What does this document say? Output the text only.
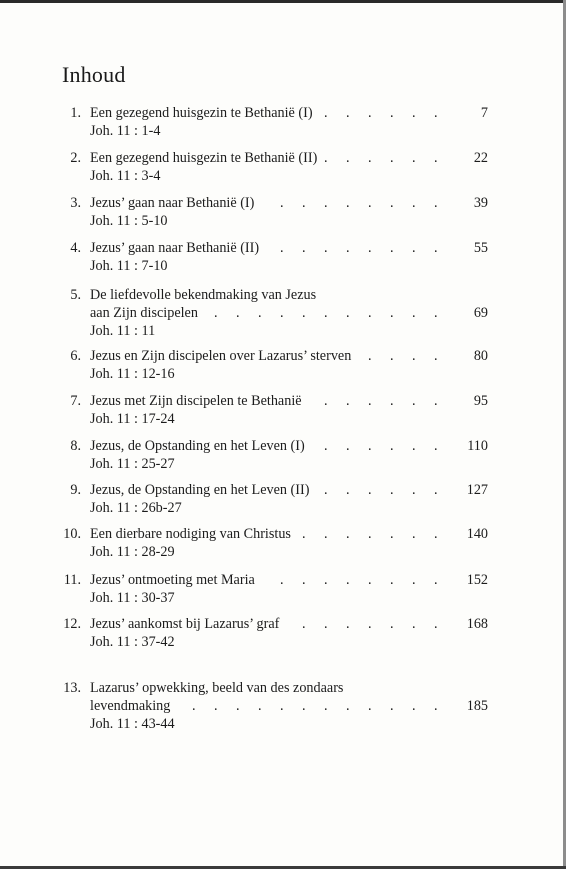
Inhoud
1. Een gezegend huisgezin te Bethanië (I)	7
Joh. 11 : 1-4
. . . . . .
2. Een gezegend huisgezin te Bethanië (II)	22
Joh. 11 : 3-4
. . . . . .
3. Jezus’ gaan naar Bethanië (I)	39
Joh. 11 : 5-10
. . . . . . . .
4. Jezus’ gaan naar Bethanië (II)	55
Joh. 11 : 7-10
. . . . . . . .
5. De liefdevolle bekendmaking van Jezus
aan Zijn discipelen	69
Joh. 11 : 11
. . . . . . . . . . .
6. Jezus en Zijn discipelen over Lazarus’ sterven	80
Joh. 11 : 12-16
. . . .
7. Jezus met Zijn discipelen te Bethanië	95
Joh. 11 : 17-24
. . . . . .
8. Jezus, de Opstanding en het Leven (I)	110
Joh. 11 : 25-27
. . . . . .
9. Jezus, de Opstanding en het Leven (II)	127
Joh. 11 : 26b-27
. . . . . .
10. Een dierbare nodiging van Christus	140
Joh. 11 : 28-29
. . . . . . .
11. Jezus’ ontmoeting met Maria	152
Joh. 11 : 30-37
. . . . . . . .
12. Jezus’ aankomst bij Lazarus’ graf	168
Joh. 11 : 37-42
. . . . . . .
13. Lazarus’ opwekking, beeld van des zondaars
levendmaking	185
Joh. 11 : 43-44
. . . . . . . . . . . .
